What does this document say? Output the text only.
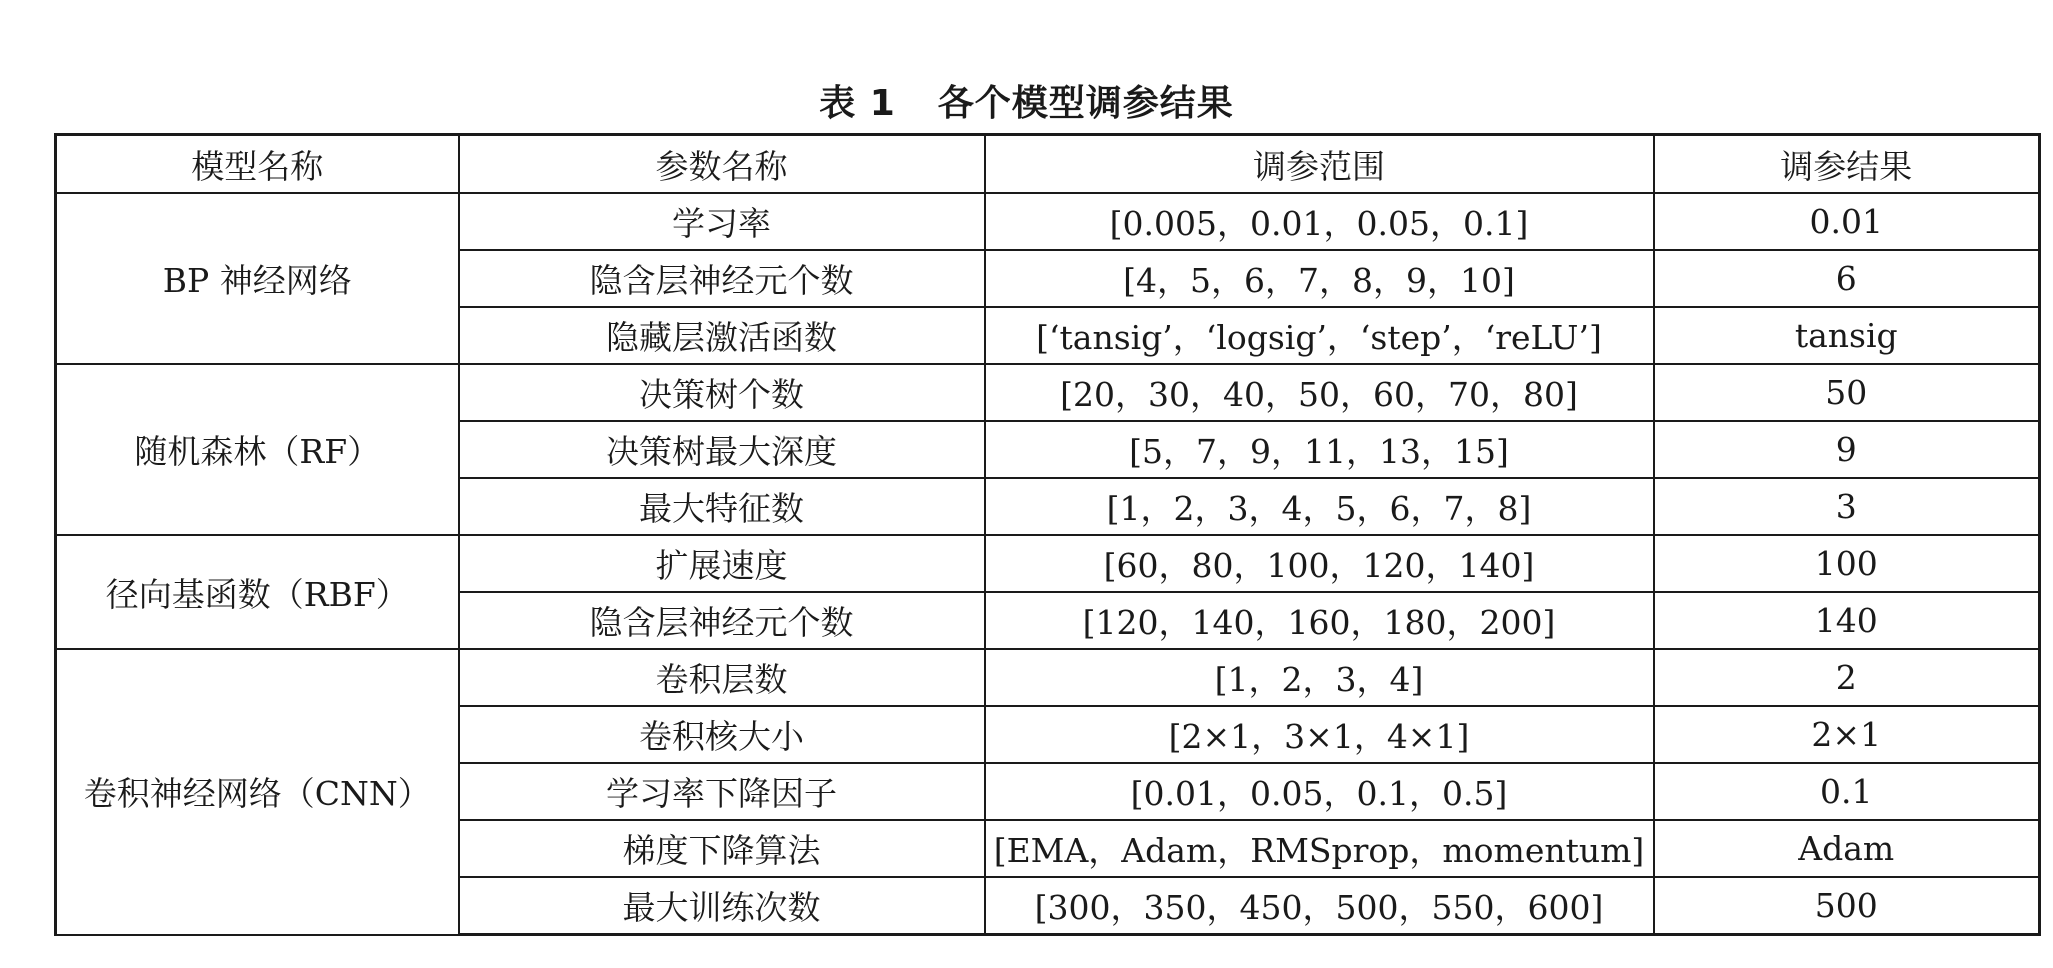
表 1 各个模型调参结果
模型名称	参数名称	调参范围	调参结果
BP 神经网络	学习率	[0.005，0.01，0.05，0.1]	0.01
	隐含层神经元个数	[4，5，6，7，8，9，10]	6
	隐藏层激活函数	[‘tansig’，‘logsig’，‘step’，‘reLU’]	tansig
随机森林（RF）	决策树个数	[20，30，40，50，60，70，80]	50
	决策树最大深度	[5，7，9，11，13，15]	9
	最大特征数	[1，2，3，4，5，6，7，8]	3
径向基函数（RBF）	扩展速度	[60，80，100，120，140]	100
	隐含层神经元个数	[120，140，160，180，200]	140
卷积神经网络（CNN）	卷积层数	[1，2，3，4]	2
	卷积核大小	[2×1，3×1，4×1]	2×1
	学习率下降因子	[0.01，0.05，0.1，0.5]	0.1
	梯度下降算法	[EMA，Adam，RMSprop，momentum]	Adam
	最大训练次数	[300，350，450，500，550，600]	500
